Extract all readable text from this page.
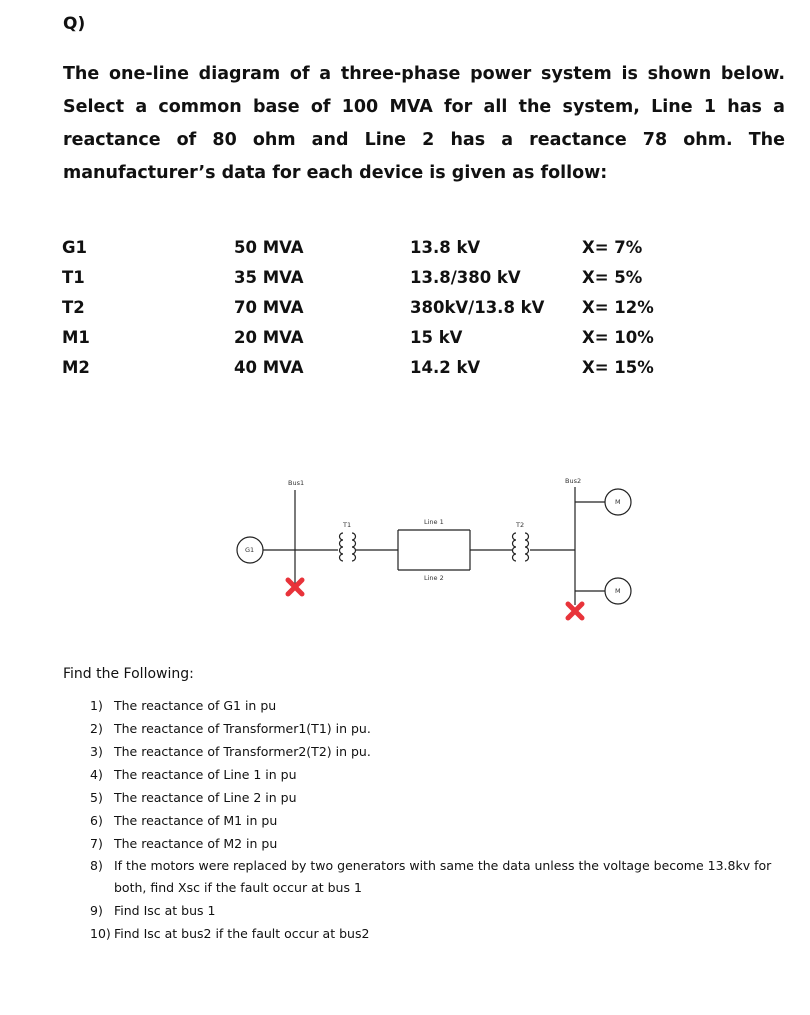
Q)
The one-line diagram of a three-phase power system is shown below.
Select a common base of 100 MVA for all the system, Line 1 has a
reactance of 80 ohm and Line 2 has a reactance 78 ohm. The
manufacturer’s data for each device is given as follow:
G1	50 MVA	13.8 kV	X= 7%
T1	35 MVA	13.8/380 kV	X= 5%
T2	70 MVA	380kV/13.8 kV	X= 12%
M1	20 MVA	15 kV	X= 10%
M2	40 MVA	14.2 kV	X= 15%
Bus1	Bus2
T1	T2
Line 1
Line 2
G1
M
M
Find the Following:
1) The reactance of G1 in pu
2) The reactance of Transformer1(T1) in pu.
3) The reactance of Transformer2(T2) in pu.
4) The reactance of Line 1 in pu
5) The reactance of Line 2 in pu
6) The reactance of M1 in pu
7) The reactance of M2 in pu
8) If the motors were replaced by two generators with same the data unless the voltage become 13.8kv for both, find Xsc if the fault occur at bus 1
9) Find Isc at bus 1
10) Find Isc at bus2 if the fault occur at bus2
